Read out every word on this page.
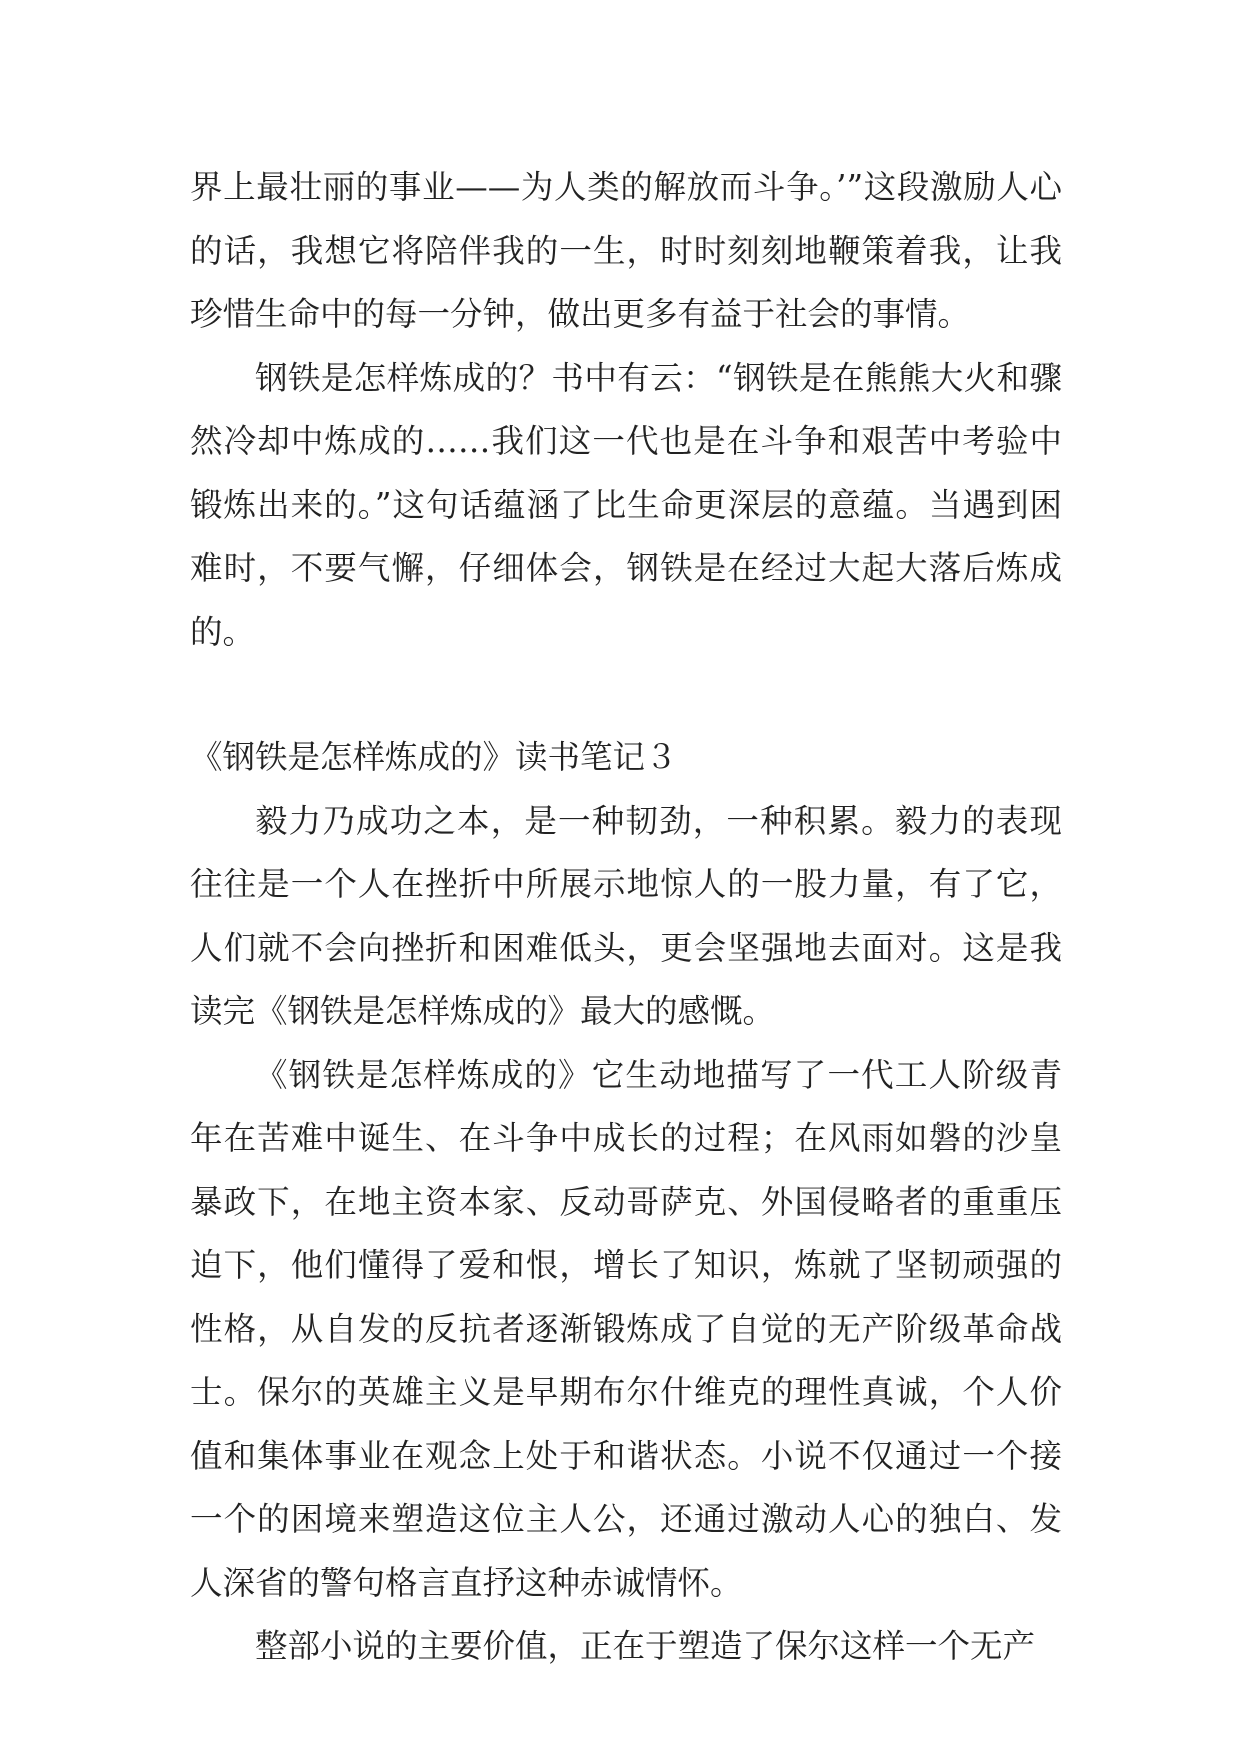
界上最壮丽的事业——为人类的解放而斗争。’”这段激励人心的话，我想它将陪伴我的一生，时时刻刻地鞭策着我，让我珍惜生命中的每一分钟，做出更多有益于社会的事情。

钢铁是怎样炼成的？书中有云：“钢铁是在熊熊大火和骤然冷却中炼成的……我们这一代也是在斗争和艰苦中考验中锻炼出来的。”这句话蕴涵了比生命更深层的意蕴。当遇到困难时，不要气懈，仔细体会，钢铁是在经过大起大落后炼成的。

《钢铁是怎样炼成的》读书笔记３

毅力乃成功之本，是一种韧劲，一种积累。毅力的表现往往是一个人在挫折中所展示地惊人的一股力量，有了它，人们就不会向挫折和困难低头，更会坚强地去面对。这是我读完《钢铁是怎样炼成的》最大的感慨。

《钢铁是怎样炼成的》它生动地描写了一代工人阶级青年在苦难中诞生、在斗争中成长的过程；在风雨如磐的沙皇暴政下，在地主资本家、反动哥萨克、外国侵略者的重重压迫下，他们懂得了爱和恨，增长了知识，炼就了坚韧顽强的性格，从自发的反抗者逐渐锻炼成了自觉的无产阶级革命战士。保尔的英雄主义是早期布尔什维克的理性真诚，个人价值和集体事业在观念上处于和谐状态。小说不仅通过一个接一个的困境来塑造这位主人公，还通过激动人心的独白、发人深省的警句格言直抒这种赤诚情怀。

整部小说的主要价值，正在于塑造了保尔这样一个无产
